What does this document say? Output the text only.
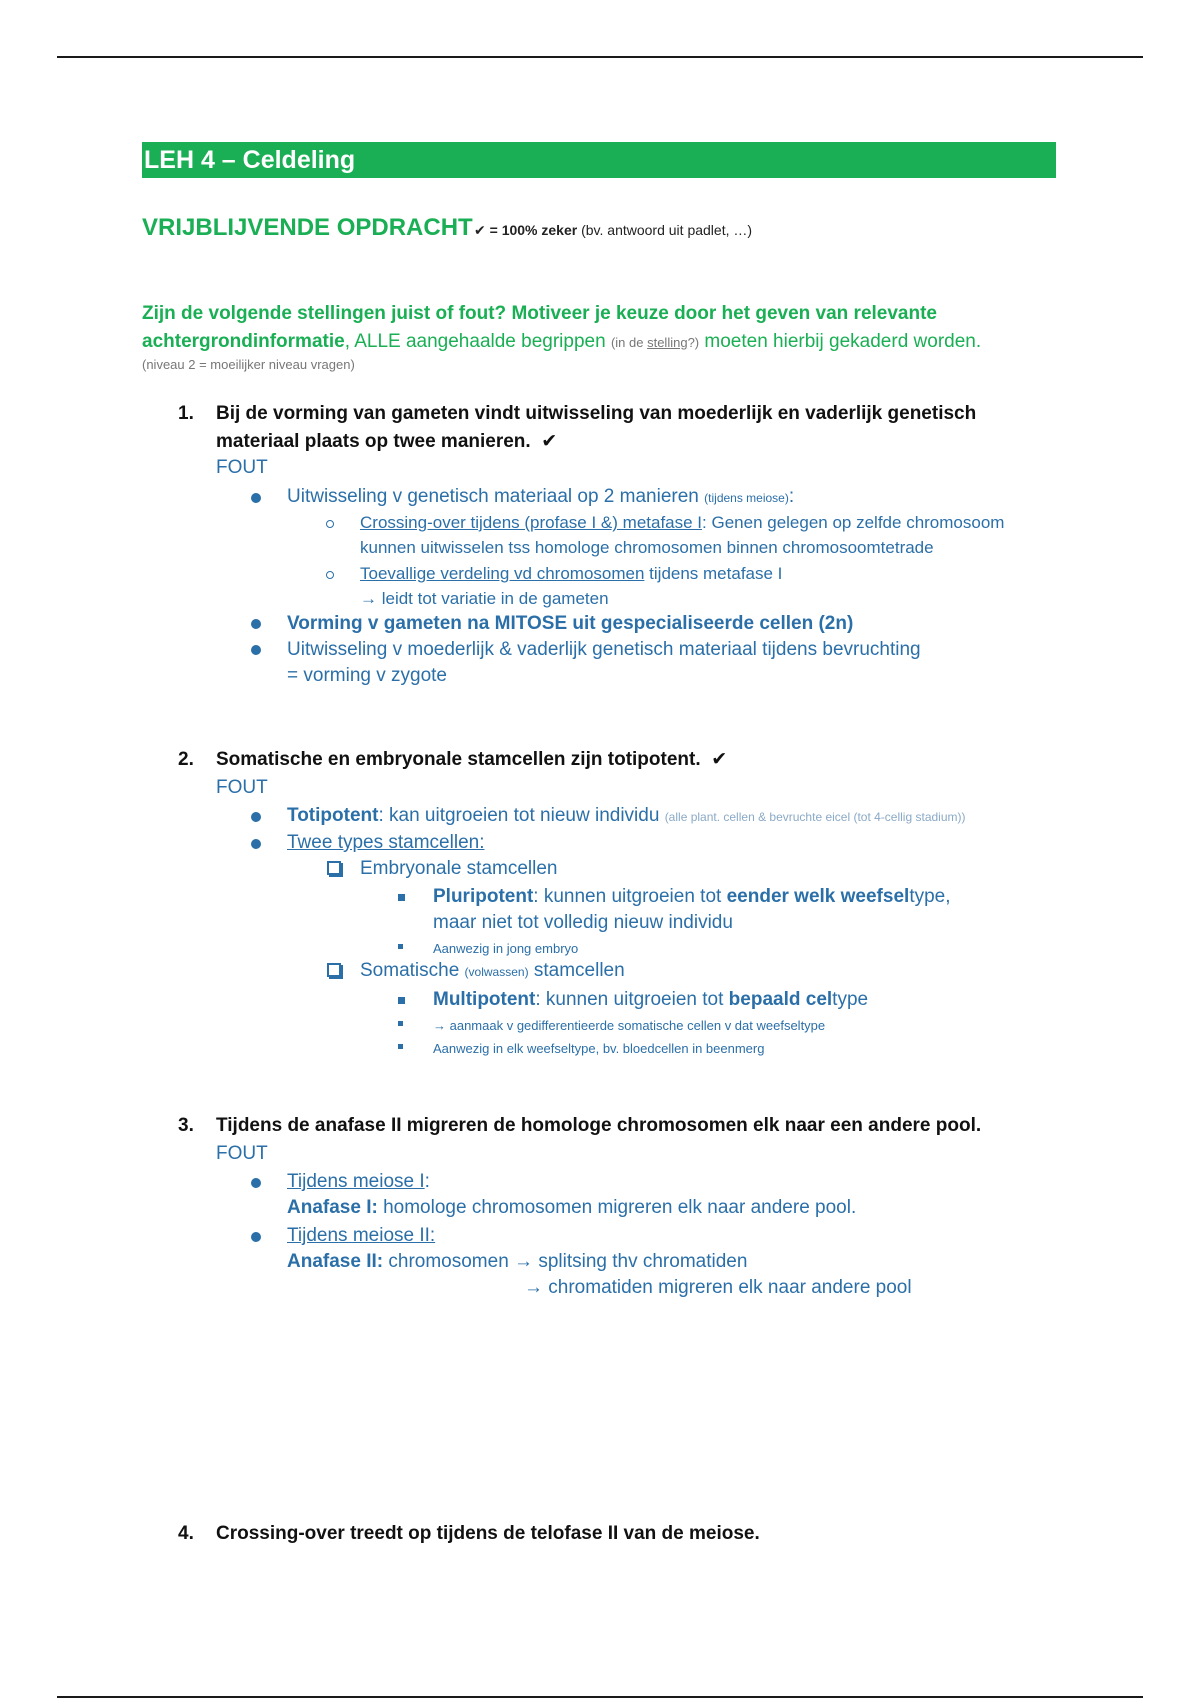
LEH 4 – Celdeling
VRIJBLIJVENDE OPDRACHT ✔ = 100% zeker (bv. antwoord uit padlet, …)
Zijn de volgende stellingen juist of fout? Motiveer je keuze door het geven van relevante
achtergrondinformatie, ALLE aangehaalde begrippen (in de stelling?) moeten hierbij gekaderd worden.
(niveau 2 = moeilijker niveau vragen)
1. Bij de vorming van gameten vindt uitwisseling van moederlijk en vaderlijk genetisch
materiaal plaats op twee manieren. ✔
FOUT
Uitwisseling v genetisch materiaal op 2 manieren (tijdens meiose):
Crossing-over tijdens (profase I &) metafase I: Genen gelegen op zelfde chromosoom
kunnen uitwisselen tss homologe chromosomen binnen chromosoomtetrade
Toevallige verdeling vd chromosomen tijdens metafase I
→ leidt tot variatie in de gameten
Vorming v gameten na MITOSE uit gespecialiseerde cellen (2n)
Uitwisseling v moederlijk & vaderlijk genetisch materiaal tijdens bevruchting
= vorming v zygote
2. Somatische en embryonale stamcellen zijn totipotent. ✔
FOUT
Totipotent: kan uitgroeien tot nieuw individu (alle plant. cellen & bevruchte eicel (tot 4-cellig stadium))
Twee types stamcellen:
Embryonale stamcellen
Pluripotent: kunnen uitgroeien tot eender welk weefseltype,
maar niet tot volledig nieuw individu
Aanwezig in jong embryo
Somatische (volwassen) stamcellen
Multipotent: kunnen uitgroeien tot bepaald celtype
→ aanmaak v gedifferentieerde somatische cellen v dat weefseltype
Aanwezig in elk weefseltype, bv. bloedcellen in beenmerg
3. Tijdens de anafase II migreren de homologe chromosomen elk naar een andere pool.
FOUT
Tijdens meiose I:
Anafase I: homologe chromosomen migreren elk naar andere pool.
Tijdens meiose II:
Anafase II: chromosomen → splitsing thv chromatiden
→ chromatiden migreren elk naar andere pool
4. Crossing-over treedt op tijdens de telofase II van de meiose.
